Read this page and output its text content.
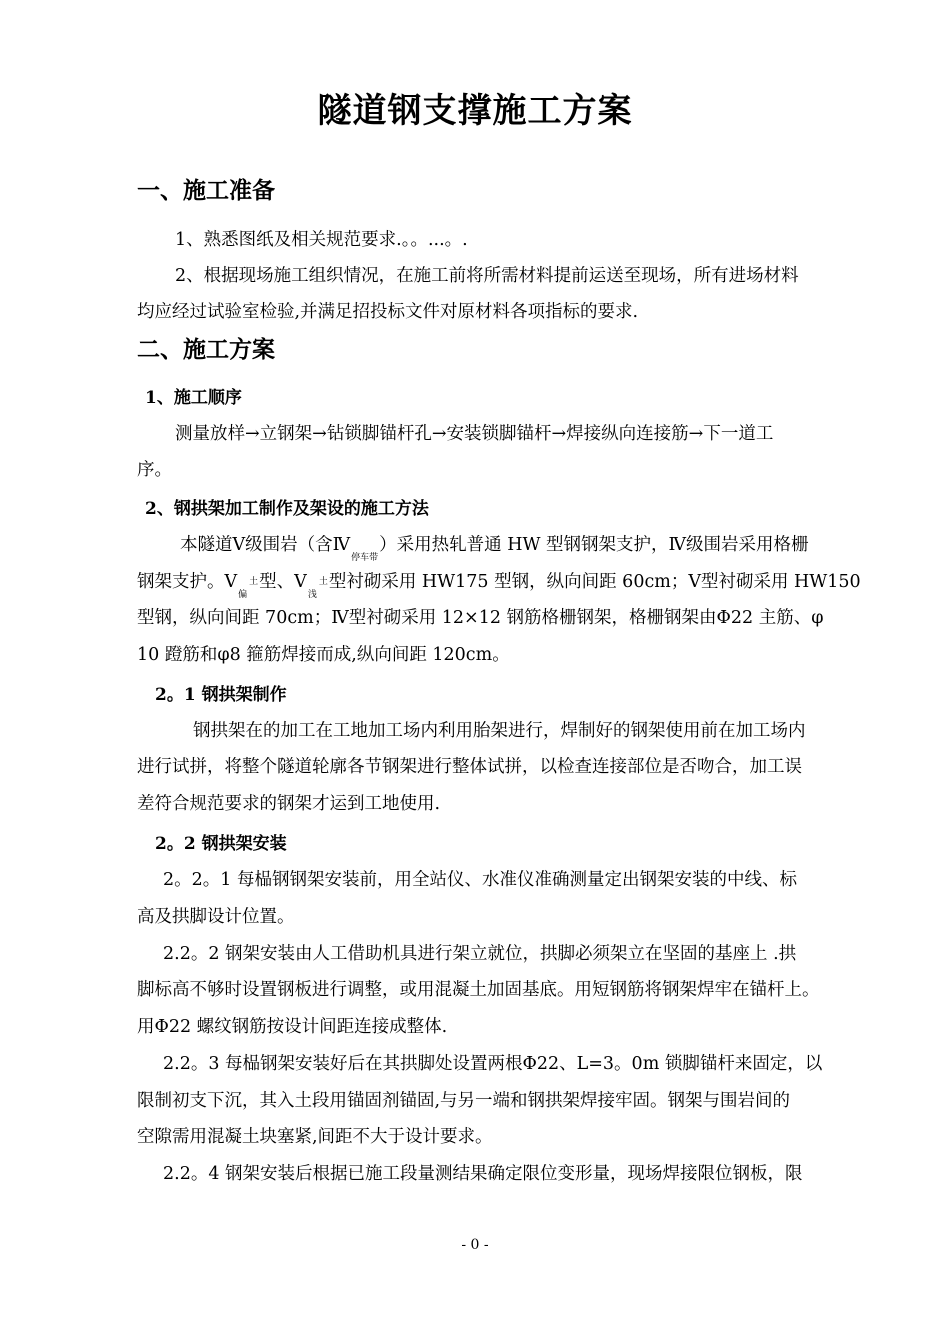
隧道钢支撑施工方案
一、施工准备

1、熟悉图纸及相关规范要求.。。...。.

2、根据现场施工组织情况，在施工前将所需材料提前运送至现场，所有进场材料

均应经过试验室检验,并满足招投标文件对原材料各项指标的要求.

二、施工方案
1、施工顺序

测量放样→立钢架→钻锁脚锚杆孔→安装锁脚锚杆→焊接纵向连接筋→下一道工

序。

2、钢拱架加工制作及架设的施工方法

本隧道Ⅴ级围岩（含$Ⅳ_{停车带}$）采用热轧普通 HW 型钢钢架支护，Ⅳ级围岩采用格栅

钢架支护。$Ⅴ_偏$土型、$Ⅴ_浅$土型衬砌采用 HW175 型钢，纵向间距 60cm；Ⅴ型衬砌采用 HW150

型钢，纵向间距 70cm；Ⅳ型衬砌采用 12×12 钢筋格栅钢架，格栅钢架由Φ22 主筋、φ

10 蹬筋和φ8 箍筋焊接而成,纵向间距 120cm。

2。1 钢拱架制作

钢拱架在的加工在工地加工场内利用胎架进行，焊制好的钢架使用前在加工场内

进行试拼，将整个隧道轮廓各节钢架进行整体试拼，以检查连接部位是否吻合，加工误

差符合规范要求的钢架才运到工地使用.

2。2 钢拱架安装

2。2。1 每榀钢钢架安装前，用全站仪、水准仪准确测量定出钢架安装的中线、标

高及拱脚设计位置。

2.2。2 钢架安装由人工借助机具进行架立就位，拱脚必须架立在坚固的基座上 .拱

脚标高不够时设置钢板进行调整，或用混凝土加固基底。用短钢筋将钢架焊牢在锚杆上。

用Φ22 螺纹钢筋按设计间距连接成整体.

2.2。3 每榀钢架安装好后在其拱脚处设置两根Φ22、L=3。0m 锁脚锚杆来固定，以

限制初支下沉，其入土段用锚固剂锚固,与另一端和钢拱架焊接牢固。钢架与围岩间的

空隙需用混凝土块塞紧,间距不大于设计要求。

2.2。4 钢架安装后根据已施工段量测结果确定限位变形量，现场焊接限位钢板，限

- 0 -
